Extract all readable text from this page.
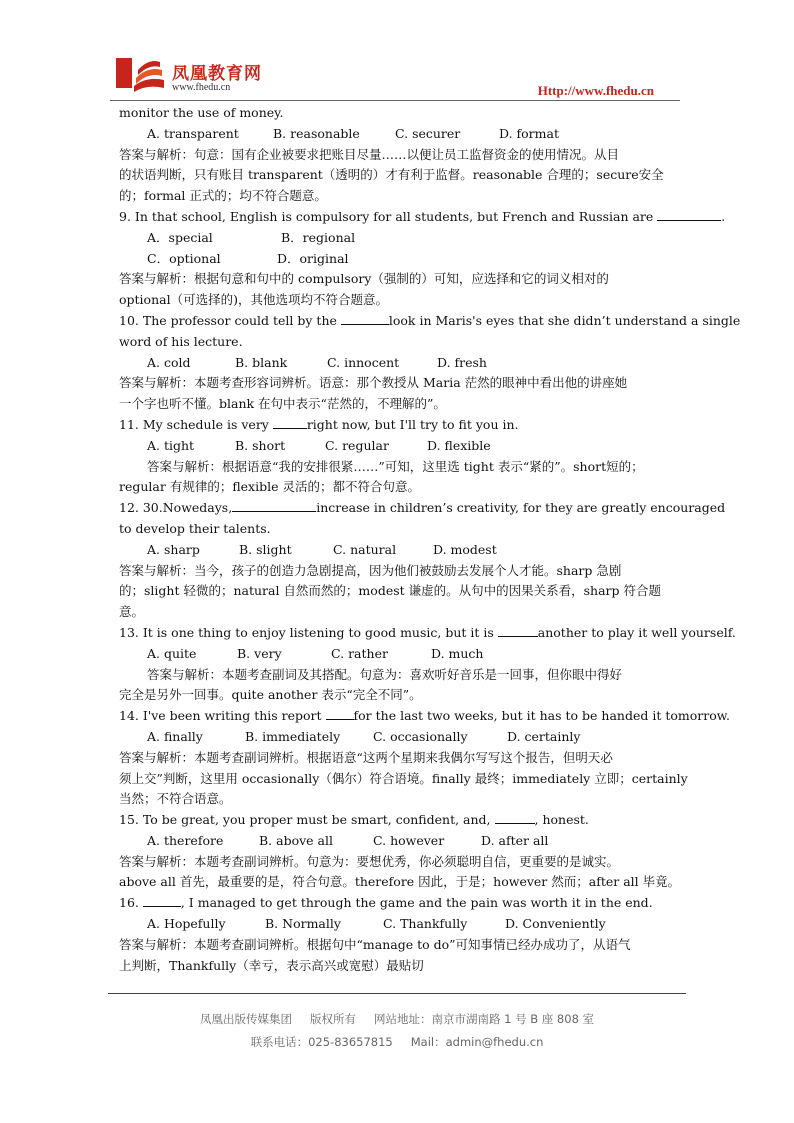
凤凰教育网
www.fhedu.cn	Http://www.fhedu.cn
monitor the use of money.
A. transparent	B. reasonable	C. securer	D. format
答案与解析：句意：国有企业被要求把账目尽量……以便让员工监督资金的使用情况。从目
的状语判断，只有账目 transparent（透明的）才有利于监督。reasonable 合理的；secure安全
的；formal 正式的；均不符合题意。
9. In that school, English is compulsory for all students, but French and Russian are	.
A．special	B．regional
C．optional	D．original
答案与解析：根据句意和句中的 compulsory（强制的）可知，应选择和它的词义相对的
optional（可选择的)，其他选项均不符合题意。
10. The professor could tell by the	look in Maris's eyes that she didn’t understand a single
word of his lecture.
A. cold	B. blank	C. innocent	D. fresh
答案与解析：本题考查形容词辨析。语意：那个教授从 Maria 茫然的眼神中看出他的讲座她
一个字也听不懂。blank 在句中表示“茫然的，不理解的”。
11. My schedule is very	right now, but I'll try to fit you in.
A. tight	B. short	C. regular	D. flexible
答案与解析：根据语意“我的安排很紧……”可知，这里选 tight 表示“紧的”。short短的；
regular 有规律的；flexible 灵活的；都不符合句意。
12. 30.Nowedays,	increase in children’s creativity, for they are greatly encouraged
to develop their talents.
A. sharp	B. slight	C. natural	D. modest
答案与解析：当今，孩子的创造力急剧提高，因为他们被鼓励去发展个人才能。sharp 急剧
的；slight 轻微的；natural 自然而然的；modest 谦虚的。从句中的因果关系看，sharp 符合题
意。
13. It is one thing to enjoy listening to good music, but it is	another to play it well yourself.
A. quite	B. very	C. rather	D. much
答案与解析：本题考查副词及其搭配。句意为：喜欢听好音乐是一回事，但你眼中得好
完全是另外一回事。quite another 表示“完全不同”。
14. I've been writing this report for the last two weeks, but it has to be handed it tomorrow.
A. finally	B. immediately	C. occasionally	D. certainly
答案与解析：本题考查副词辨析。根据语意“这两个星期来我偶尔写写这个报告，但明天必
须上交”判断，这里用 occasionally（偶尔）符合语境。finally 最终；immediately 立即；certainly
当然；不符合语意。
15. To be great, you proper must be smart, confident, and,	, honest.
A. therefore	B. above all	C. however	D. after all
答案与解析：本题考查副词辨析。句意为：要想优秀，你必须聪明自信，更重要的是诚实。
above all 首先，最重要的是，符合句意。therefore 因此，于是；however 然而；after all 毕竟。
16.	, I managed to get through the game and the pain was worth it in the end.
A. Hopefully	B. Normally	C. Thankfully	D. Conveniently
答案与解析：本题考查副词辨析。根据句中“manage to do”可知事情已经办成功了，从语气
上判断，Thankfully（幸亏，表示高兴或宽慰）最贴切
凤凰出版传媒集团 版权所有 网站地址：南京市湖南路 1 号 B 座 808 室
联系电话：025-83657815 Mail：admin@fhedu.cn
